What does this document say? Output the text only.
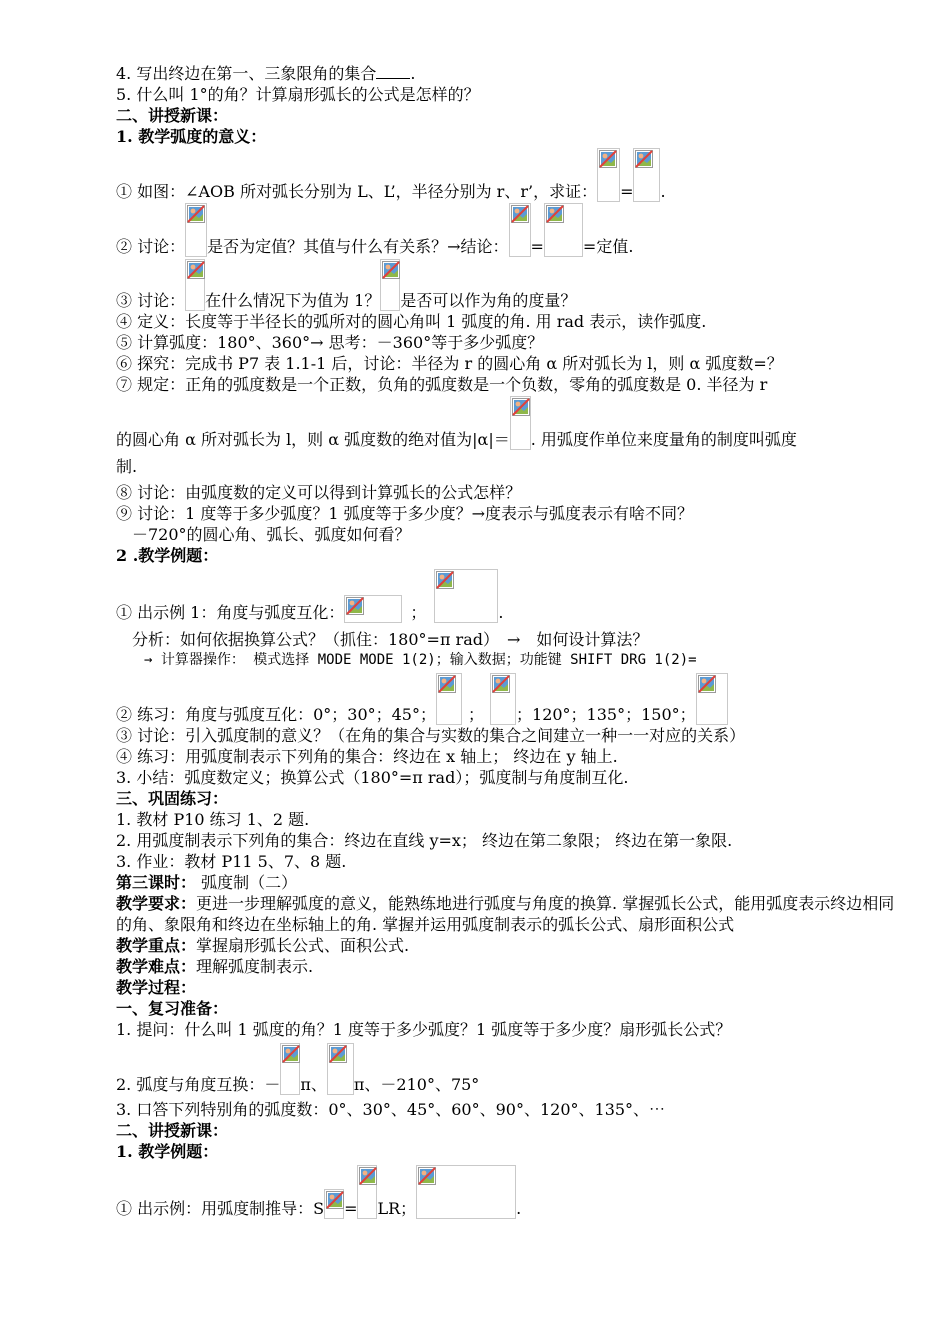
4. 写出终边在第一、三象限角的集合 .
5. 什么叫 1°的角？计算扇形弧长的公式是怎样的？
二、讲授新课：
1. 教学弧度的意义：
① 如图：∠AOB 所对弧长分别为 L、L’，半径分别为 r、r’，求证： = .
② 讨论： 是否为定值？其值与什么有关系？→结论： = =定值.
③ 讨论： 在什么情况下为值为 1？ 是否可以作为角的度量？
④ 定义：长度等于半径长的弧所对的圆心角叫 1 弧度的角. 用 rad 表示，读作弧度.
⑤ 计算弧度：180°、360°→ 思考：－360°等于多少弧度？
⑥ 探究：完成书 P7 表 1.1-1 后，讨论：半径为 r 的圆心角 α 所对弧长为 l，则 α 弧度数=？
⑦ 规定：正角的弧度数是一个正数，负角的弧度数是一个负数，零角的弧度数是 0. 半径为 r
的圆心角 α 所对弧长为 l，则 α 弧度数的绝对值为|α|＝ . 用弧度作单位来度量角的制度叫弧度
制.
⑧ 讨论：由弧度数的定义可以得到计算弧长的公式怎样？
⑨ 讨论：1 度等于多少弧度？1 弧度等于多少度？→度表示与弧度表示有啥不同？
　－720°的圆心角、弧长、弧度如何看？
2 .教学例题：
① 出示例 1：角度与弧度互化：	；	.
分析：如何依据换算公式？（抓住：180°=π rad）　→　如何设计算法？
→ 计算器操作： 模式选择 MODE MODE 1(2)；输入数据；功能键 SHIFT DRG 1(2)=
② 练习：角度与弧度互化：0°；30°；45°；	；	；120°；135°；150°；
③ 讨论：引入弧度制的意义？（在角的集合与实数的集合之间建立一种一一对应的关系）
④ 练习：用弧度制表示下列角的集合：终边在 x 轴上； 终边在 y 轴上.
3. 小结：弧度数定义；换算公式（180°=π rad）；弧度制与角度制互化.
三、巩固练习：
1. 教材 P10 练习 1、2 题.
2. 用弧度制表示下列角的集合：终边在直线 y=x； 终边在第二象限； 终边在第一象限.
3. 作业：教材 P11 5、7、8 题.
第三课时： 弧度制（二）
教学要求：更进一步理解弧度的意义，能熟练地进行弧度与角度的换算. 掌握弧长公式，能用弧度表示终边相同的角、象限角和终边在坐标轴上的角. 掌握并运用弧度制表示的弧长公式、扇形面积公式
教学重点：掌握扇形弧长公式、面积公式.
教学难点：理解弧度制表示.
教学过程：
一、复习准备：
1. 提问：什么叫 1 弧度的角？1 度等于多少弧度？1 弧度等于多少度？扇形弧长公式？
2. 弧度与角度互换：－ π、 π、－210°、75°
3. 口答下列特别角的弧度数：0°、30°、45°、60°、90°、120°、135°、⋯
二、讲授新课：
1. 教学例题：
① 出示例：用弧度制推导：S = LR；	.
